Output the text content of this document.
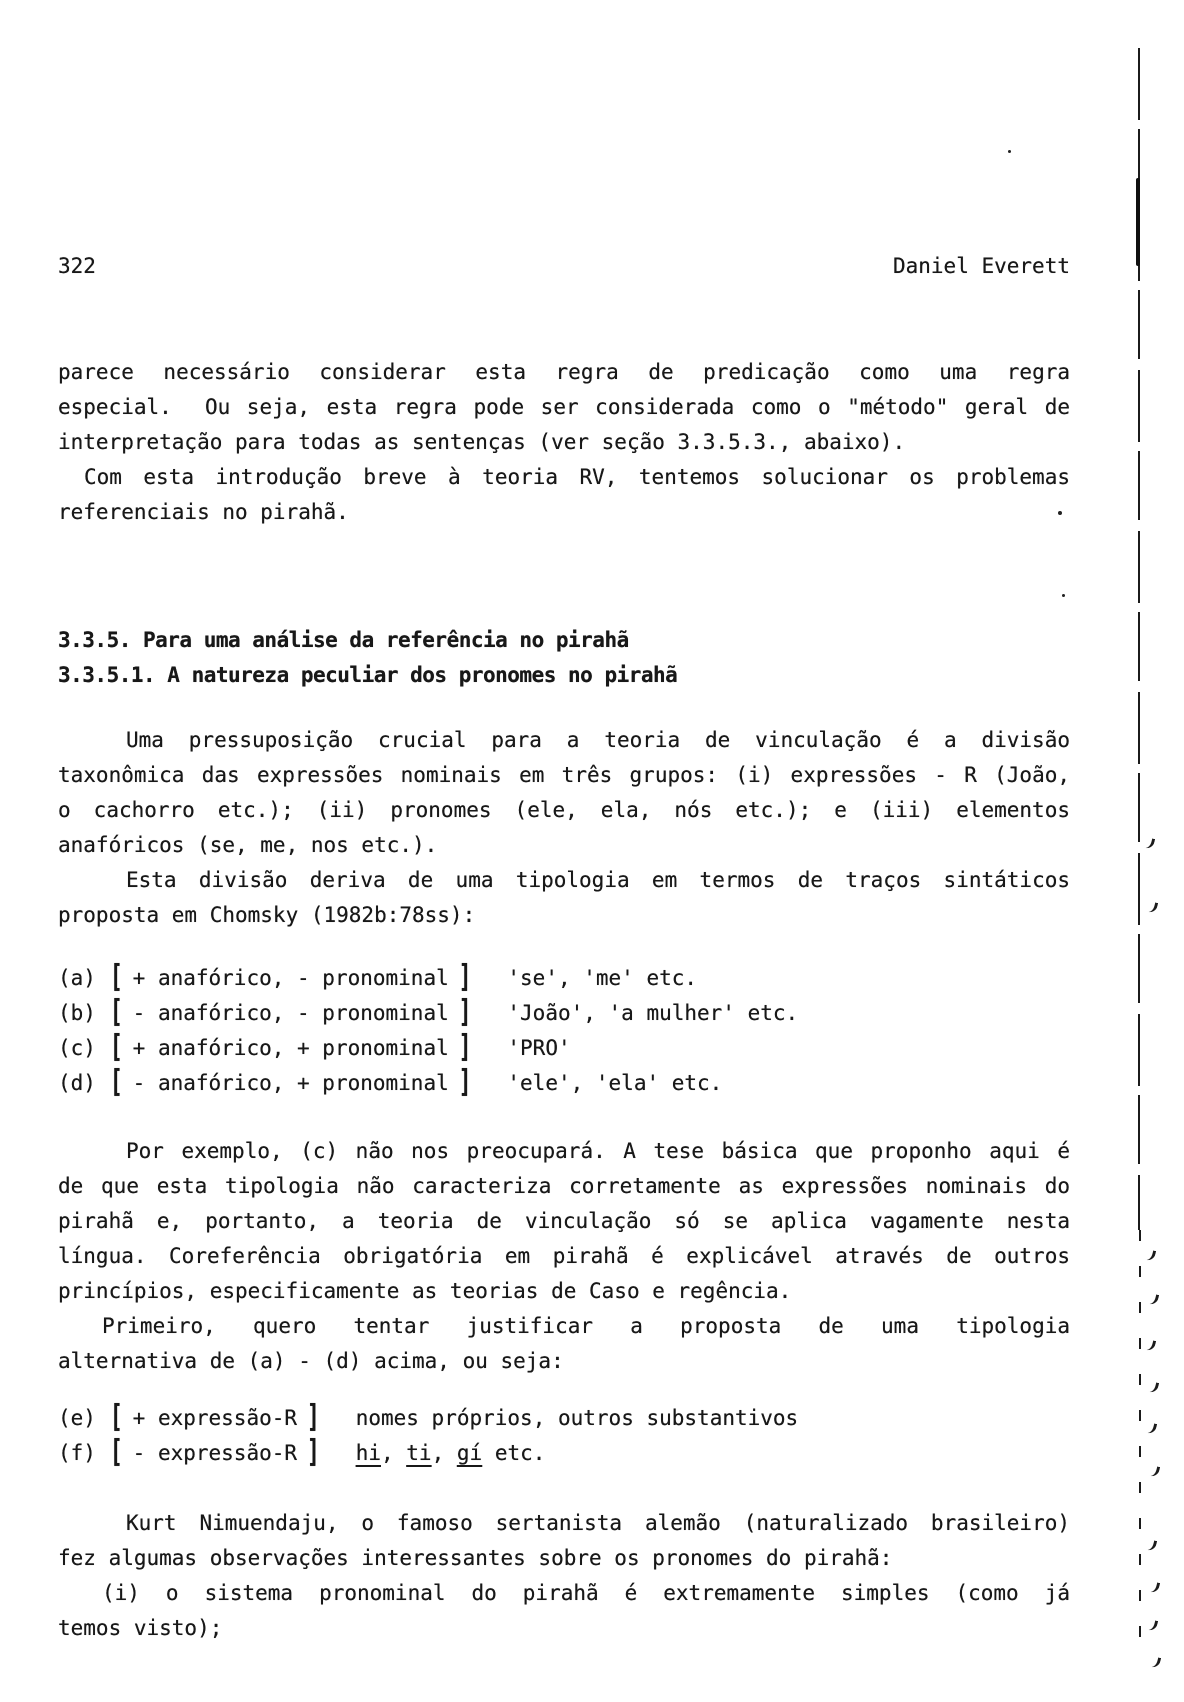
322	Daniel Everett
parece necessário considerar esta regra de predicação como uma regra
especial.  Ou seja, esta regra pode ser considerada como o "método" geral de
interpretação para todas as sentenças (ver seção 3.3.5.3., abaixo).
Com esta introdução breve à teoria RV, tentemos solucionar os problemas
referenciais no pirahã.
3.3.5. Para uma análise da referência no pirahã
3.3.5.1. A natureza peculiar dos pronomes no pirahã
Uma pressuposição crucial para a teoria de vinculação é a divisão
taxonômica das expressões nominais em três grupos: (i) expressões - R (João,
o cachorro etc.); (ii) pronomes (ele, ela, nós etc.); e (iii) elementos
anafóricos (se, me, nos etc.).
Esta divisão deriva de uma tipologia em termos de traços sintáticos
proposta em Chomsky (1982b:78ss):
(a) [ + anafórico, - pronominal ] 'se', 'me' etc.
(b) [ - anafórico, - pronominal ] 'João', 'a mulher' etc.
(c) [ + anafórico, + pronominal ] 'PRO'
(d) [ - anafórico, + pronominal ] 'ele', 'ela' etc.
Por exemplo, (c) não nos preocupará. A tese básica que proponho aqui é
de que esta tipologia não caracteriza corretamente as expressões nominais do
pirahã e, portanto, a teoria de vinculação só se aplica vagamente nesta
língua. Coreferência obrigatória em pirahã é explicável através de outros
princípios, especificamente as teorias de Caso e regência.
Primeiro, quero tentar justificar a proposta de uma tipologia
alternativa de (a) - (d) acima, ou seja:
(e) [ + expressão-R ] nomes próprios, outros substantivos
(f) [ - expressão-R ] hi, ti, gí etc.
Kurt Nimuendaju, o famoso sertanista alemão (naturalizado brasileiro)
fez algumas observações interessantes sobre os pronomes do pirahã:
(i) o sistema pronominal do pirahã é extremamente simples (como já
temos visto);
